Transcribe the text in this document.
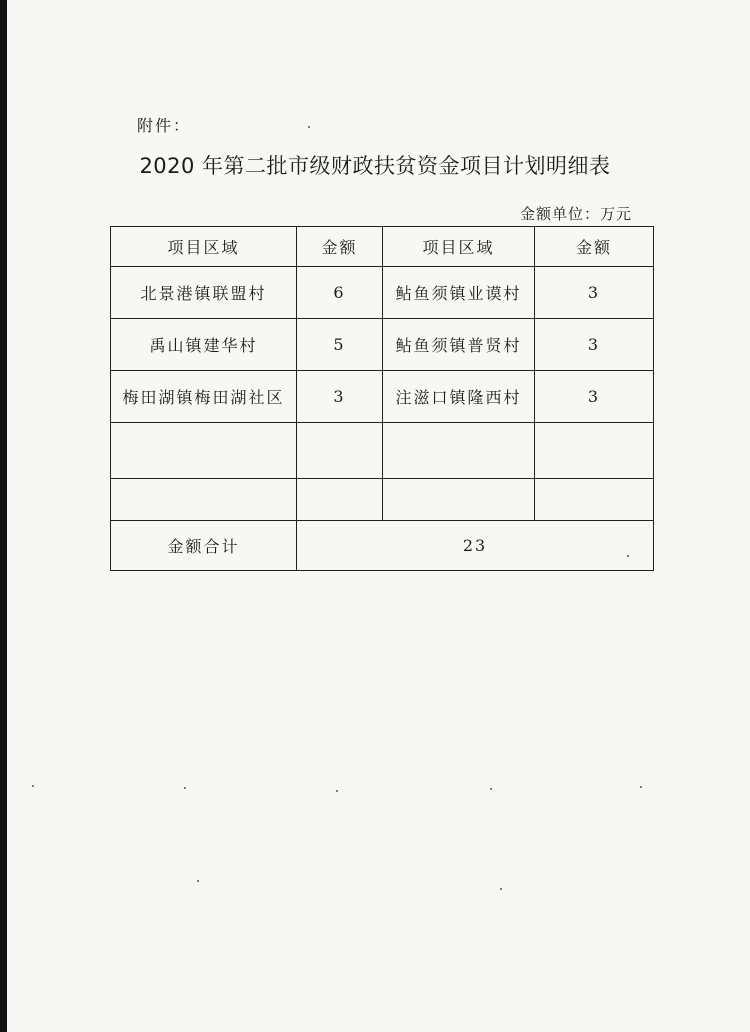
附件：
2020 年第二批市级财政扶贫资金项目计划明细表
金额单位：万元
项目区域	金额	项目区域	金额
北景港镇联盟村	6	鲇鱼须镇业谟村	3
禹山镇建华村	5	鲇鱼须镇普贤村	3
梅田湖镇梅田湖社区	3	注滋口镇隆西村	3

金额合计	23		
